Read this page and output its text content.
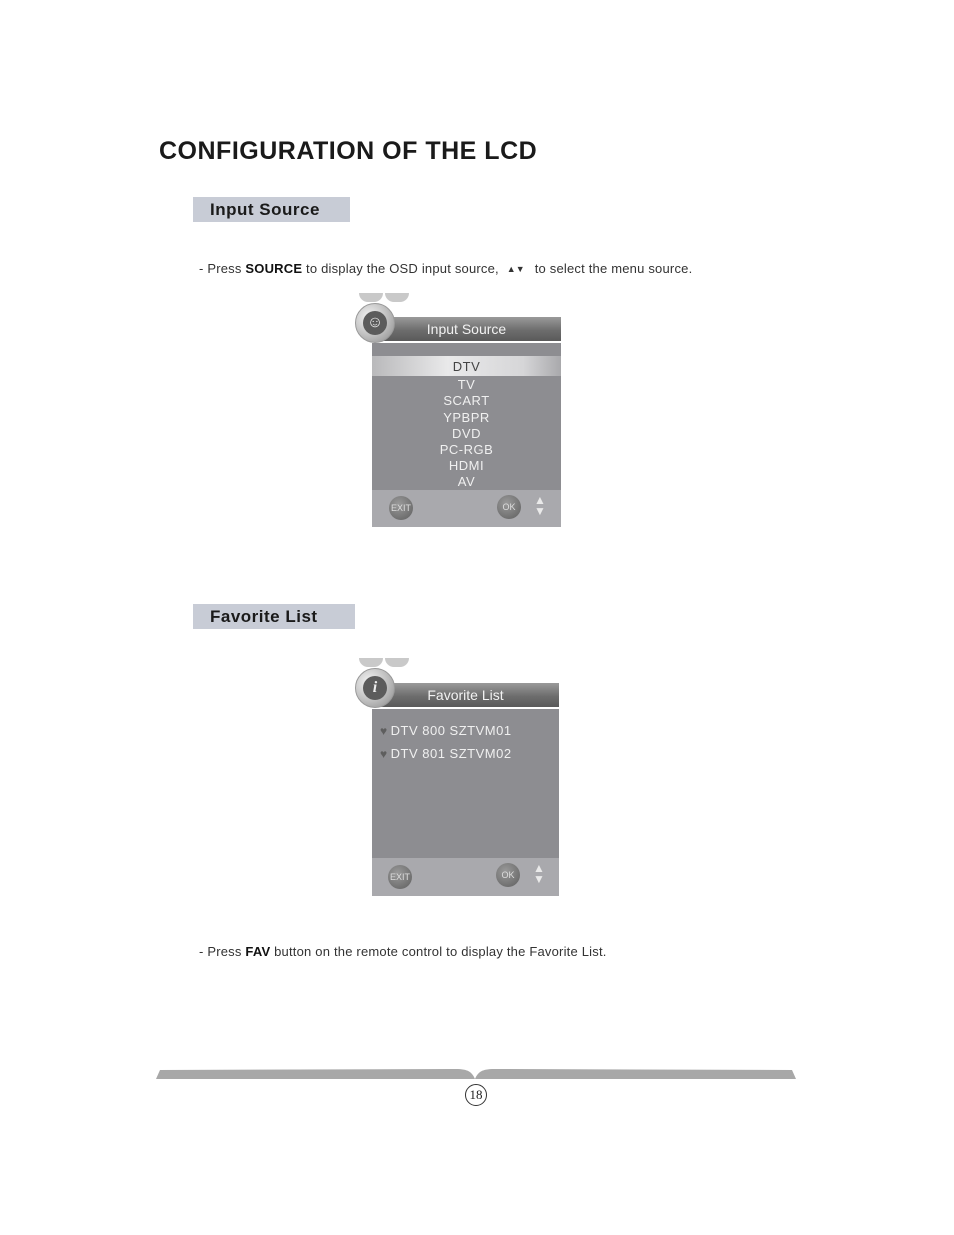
CONFIGURATION OF THE LCD
Input Source
- Press SOURCE to display the OSD input source, ▲▼ to select the menu source.
☺	Input Source
DTV
TV
SCART
YPBPR
DVD
PC-RGB
HDMI
AV
EXIT	OK	▲
▼
Favorite List
i	Favorite List
♥ DTV 800 SZTVM01
♥ DTV 801 SZTVM02
EXIT	OK	▲
▼
- Press FAV button on the remote control to display the Favorite List.
18
